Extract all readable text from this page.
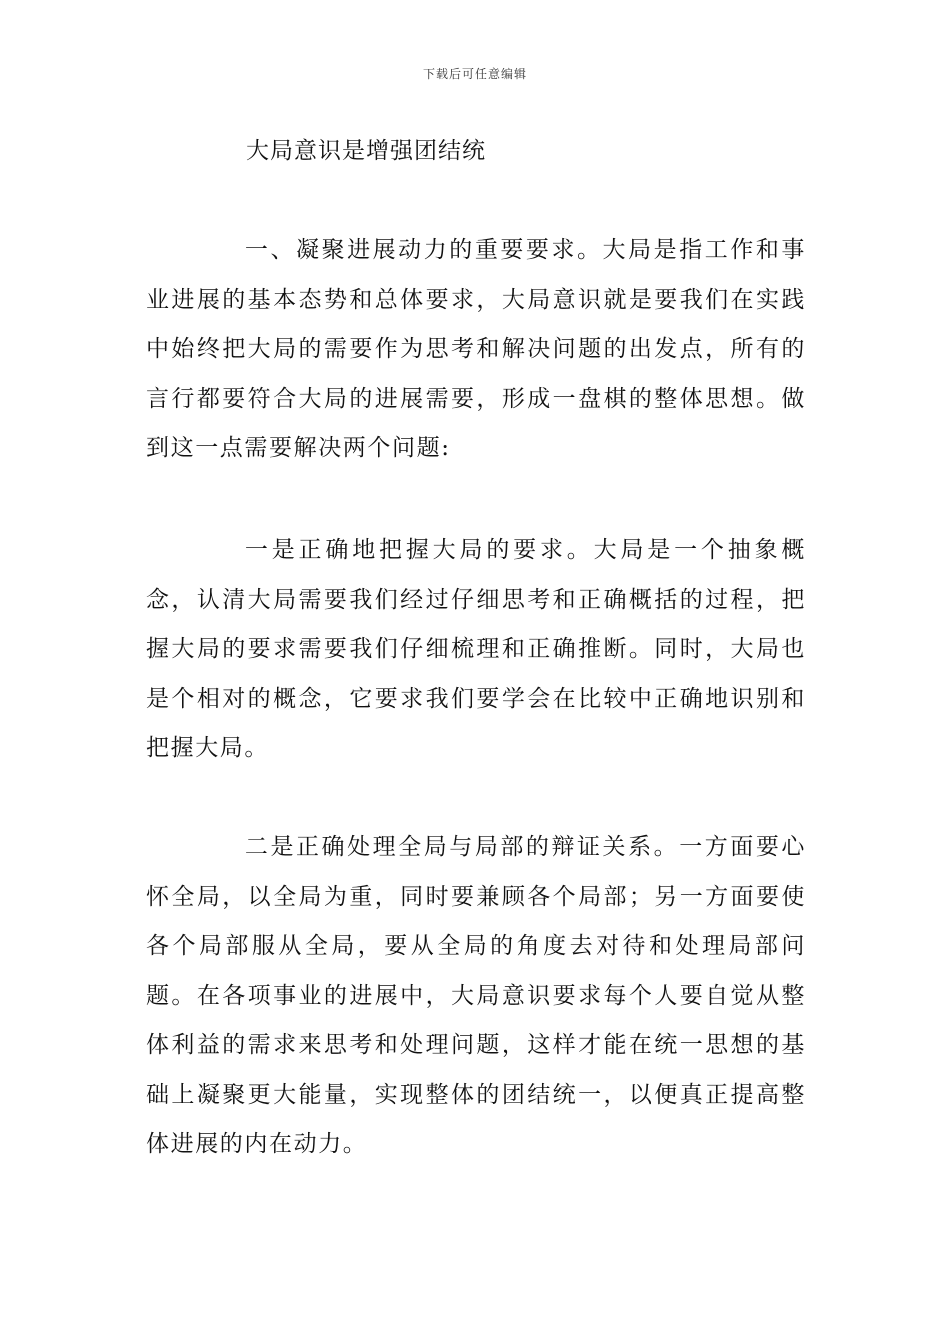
下载后可任意编辑
大局意识是增强团结统

一、凝聚进展动力的重要要求。大局是指工作和事业进展的基本态势和总体要求，大局意识就是要我们在实践中始终把大局的需要作为思考和解决问题的出发点，所有的言行都要符合大局的进展需要，形成一盘棋的整体思想。做到这一点需要解决两个问题:

一是正确地把握大局的要求。大局是一个抽象概念，认清大局需要我们经过仔细思考和正确概括的过程，把握大局的要求需要我们仔细梳理和正确推断。同时，大局也是个相对的概念，它要求我们要学会在比较中正确地识别和把握大局。

二是正确处理全局与局部的辩证关系。一方面要心怀全局，以全局为重，同时要兼顾各个局部；另一方面要使各个局部服从全局，要从全局的角度去对待和处理局部问题。在各项事业的进展中，大局意识要求每个人要自觉从整体利益的需求来思考和处理问题，这样才能在统一思想的基础上凝聚更大能量，实现整体的团结统一，以便真正提高整体进展的内在动力。
